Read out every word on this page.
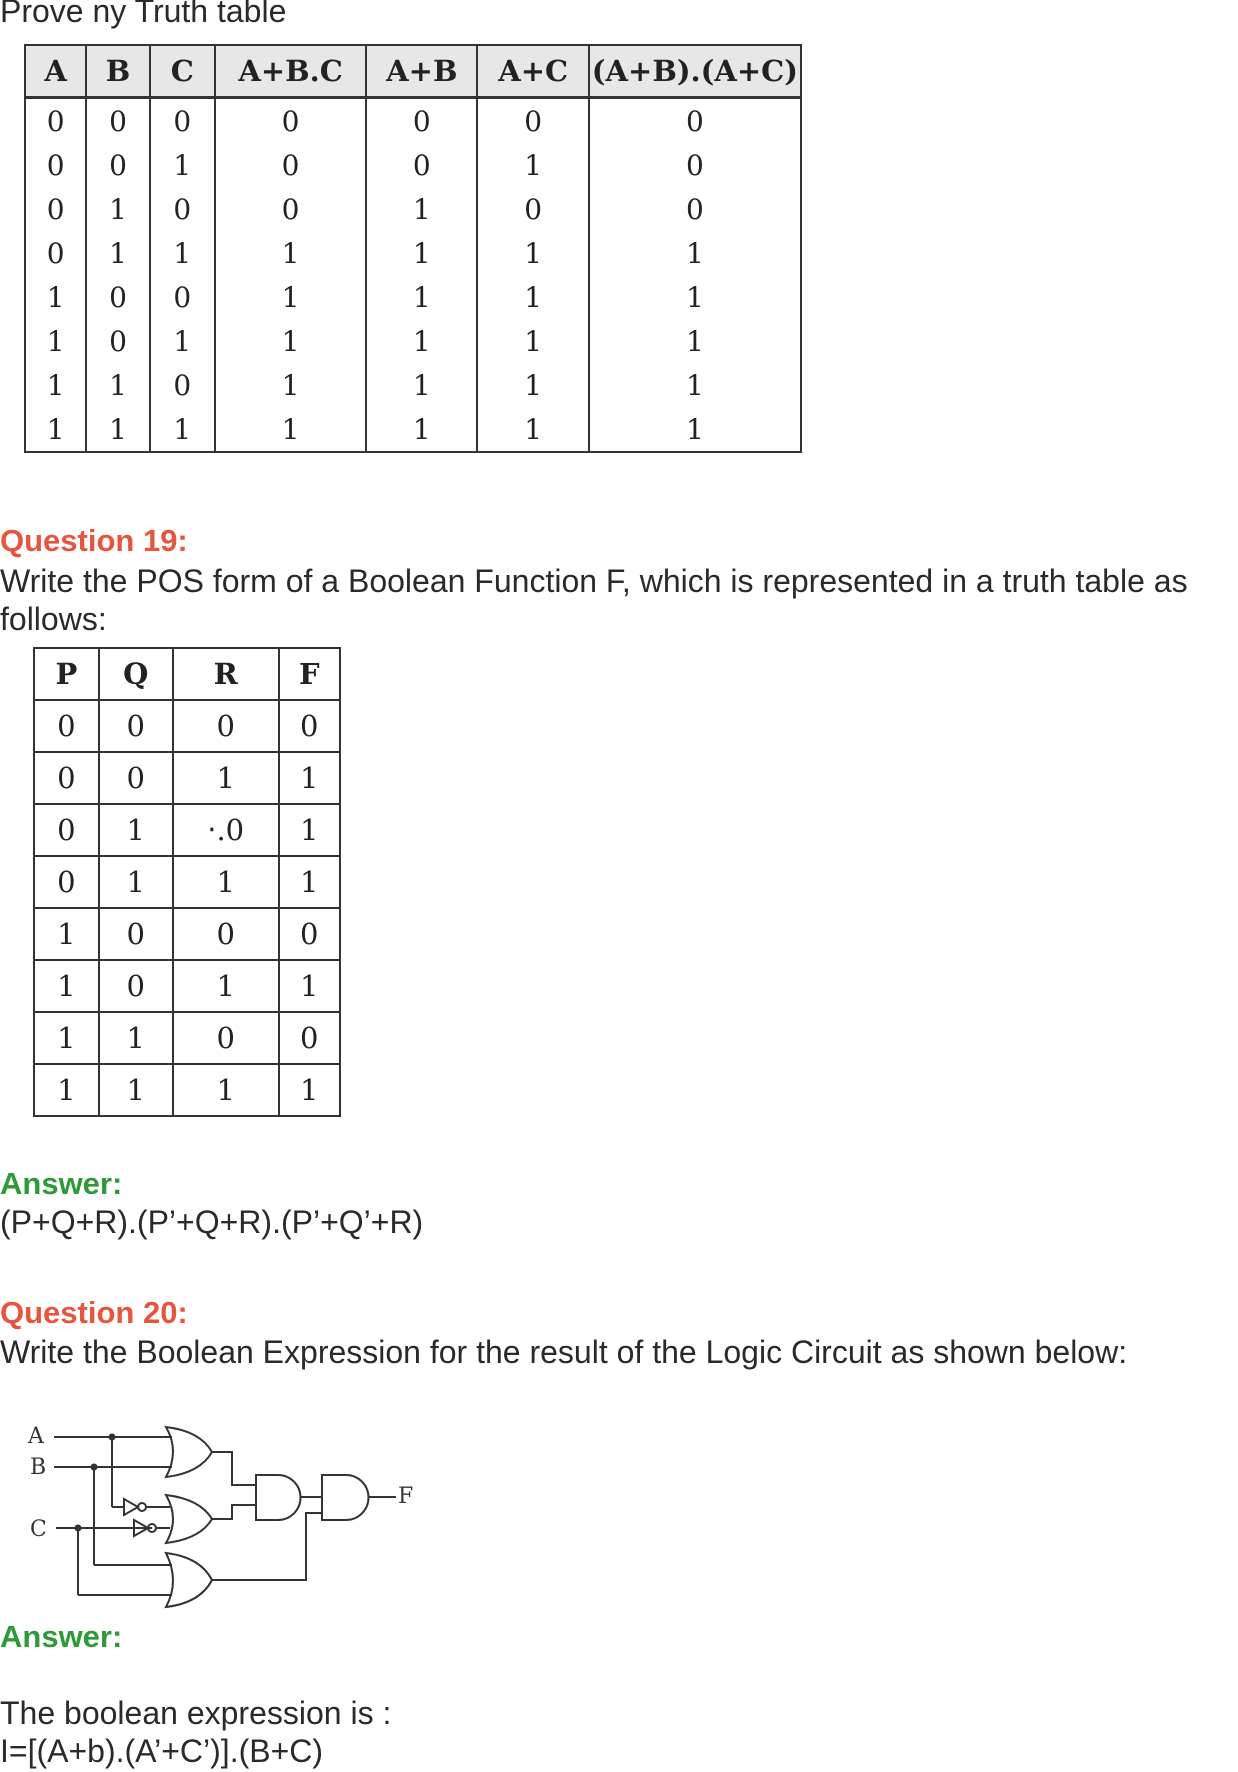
Prove ny Truth table
A	B	C	A+B.C	A+B	A+C	(A+B).(A+C)
0	0	0	0	0	0	0
0	0	1	0	0	1	0
0	1	0	0	1	0	0
0	1	1	1	1	1	1
1	0	0	1	1	1	1
1	0	1	1	1	1	1
1	1	0	1	1	1	1
1	1	1	1	1	1	1
Question 19:
Write the POS form of a Boolean Function F, which is represented in a truth table as
follows:
P	Q	R	F
0	0	0	0
0	0	1	1
0	1	‧.0	1
0	1	1	1
1	0	0	0
1	0	1	1
1	1	0	0
1	1	1	1
Answer:
(P+Q+R).(P’+Q+R).(P’+Q’+R)
Question 20:
Write the Boolean Expression for the result of the Logic Circuit as shown below:
A
B
C
F
Answer:
The boolean expression is :
I=[(A+b).(A’+C’)].(B+C)
